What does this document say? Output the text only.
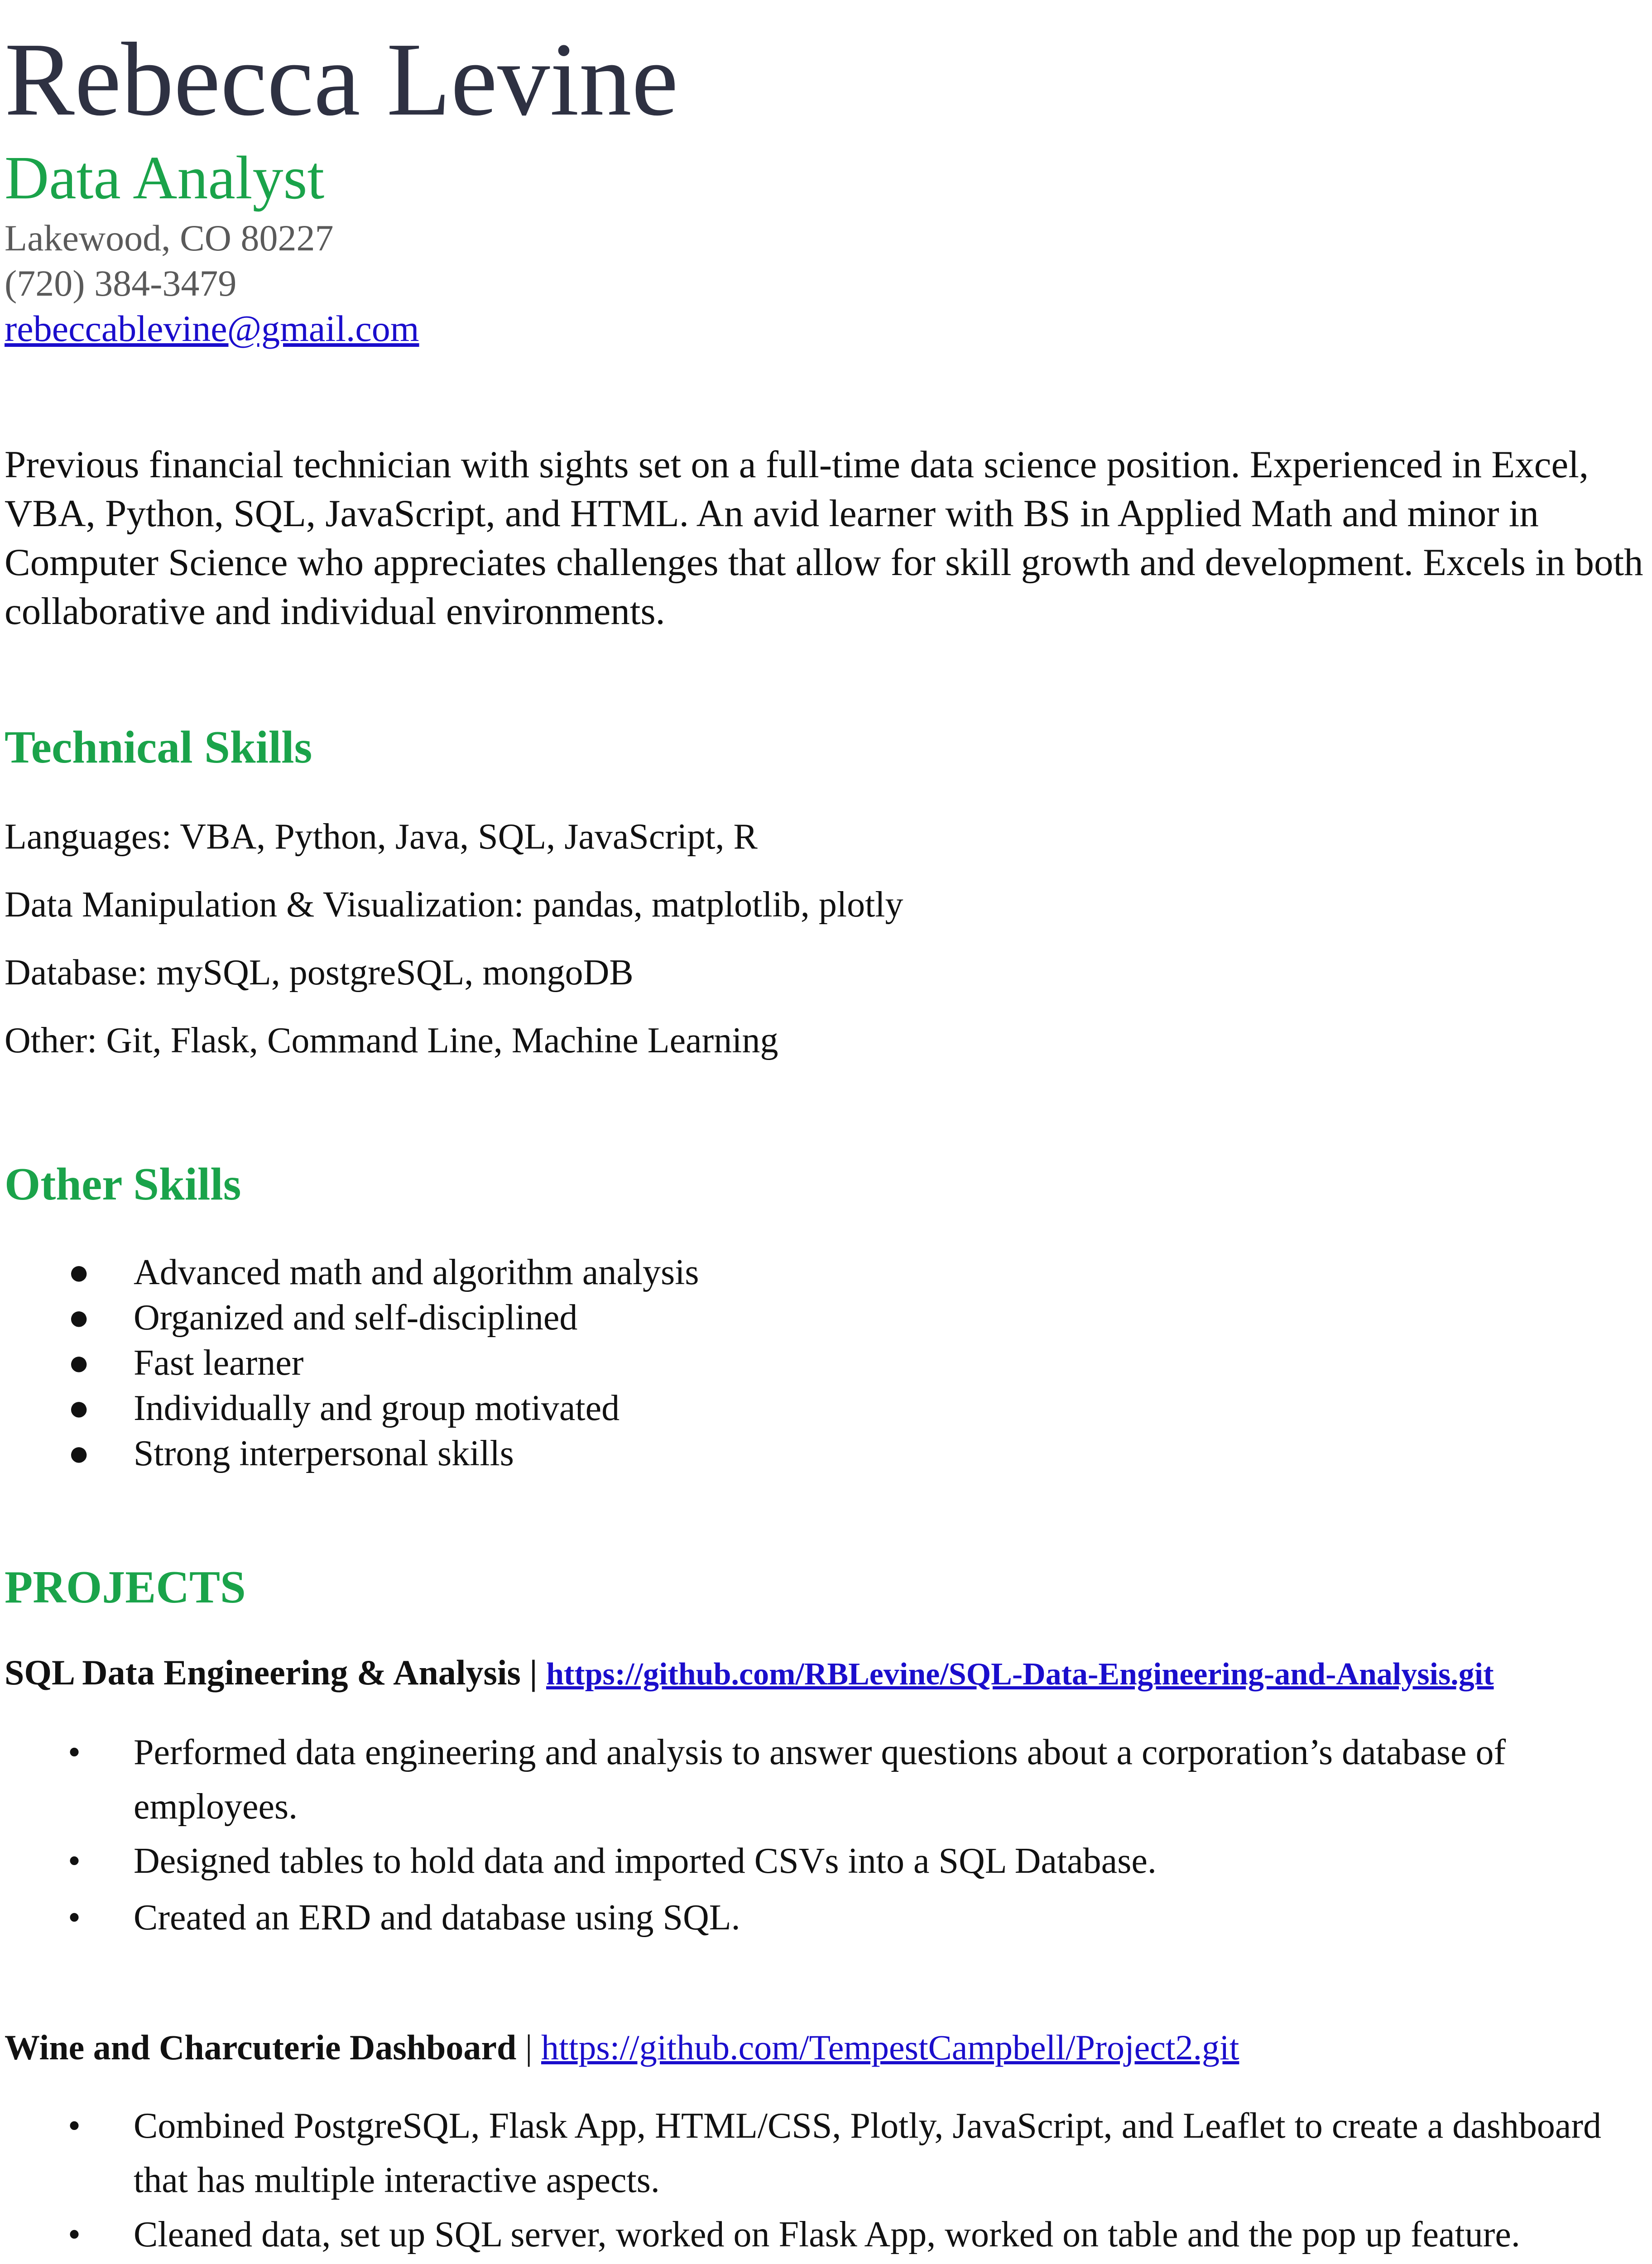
Rebecca Levine
Data Analyst
Lakewood, CO 80227
(720) 384-3479
rebeccablevine@gmail.com
Previous financial technician with sights set on a full-time data science position. Experienced in Excel, VBA, Python, SQL, JavaScript, and HTML. An avid learner with BS in Applied Math and minor in Computer Science who appreciates challenges that allow for skill growth and development. Excels in both collaborative and individual environments.
Technical Skills
Languages: VBA, Python, Java, SQL, JavaScript, R
Data Manipulation & Visualization: pandas, matplotlib, plotly
Database: mySQL, postgreSQL, mongoDB
Other: Git, Flask, Command Line, Machine Learning
Other Skills
● Advanced math and algorithm analysis
● Organized and self-disciplined
● Fast learner
● Individually and group motivated
● Strong interpersonal skills
PROJECTS
SQL Data Engineering & Analysis | https://github.com/RBLevine/SQL-Data-Engineering-and-Analysis.git
• Performed data engineering and analysis to answer questions about a corporation’s database of employees.
• Designed tables to hold data and imported CSVs into a SQL Database.
• Created an ERD and database using SQL.
Wine and Charcuterie Dashboard | https://github.com/TempestCampbell/Project2.git
• Combined PostgreSQL, Flask App, HTML/CSS, Plotly, JavaScript, and Leaflet to create a dashboard that has multiple interactive aspects.
• Cleaned data, set up SQL server, worked on Flask App, worked on table and the pop up feature.
